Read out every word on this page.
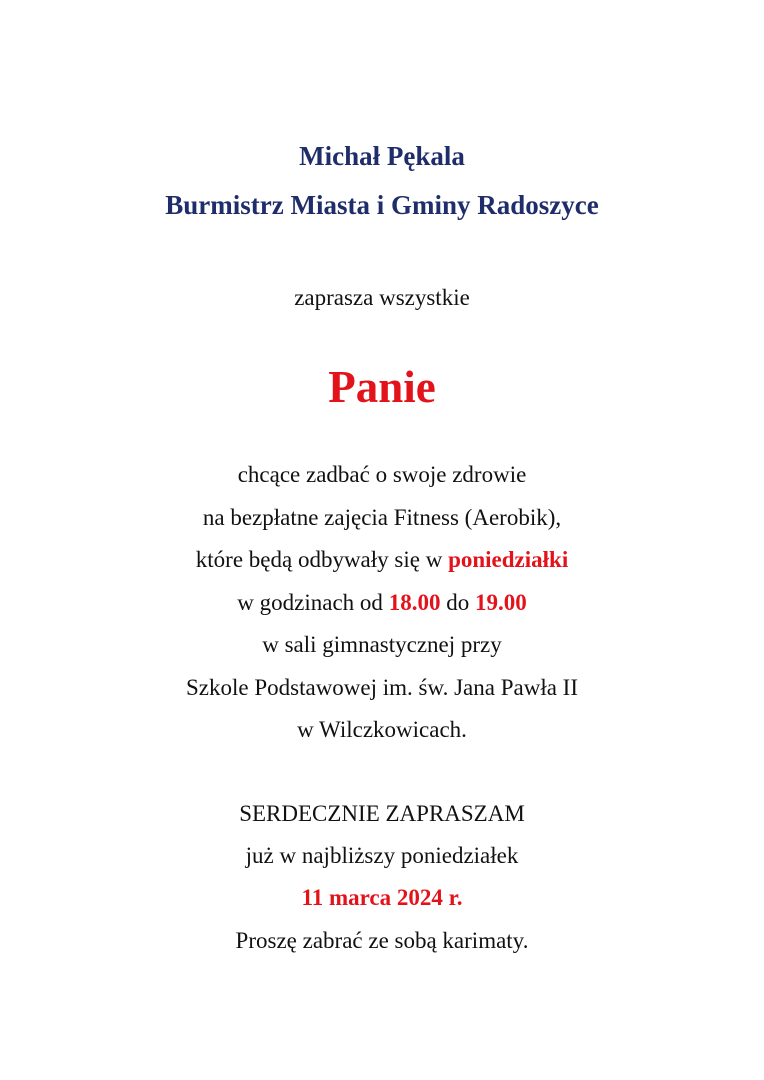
Michał Pękala
Burmistrz Miasta i Gminy Radoszyce
zaprasza wszystkie
Panie
chcące zadbać o swoje zdrowie
na bezpłatne zajęcia Fitness (Aerobik),
które będą odbywały się w poniedziałki
w godzinach od 18.00 do 19.00
w sali gimnastycznej przy
Szkole Podstawowej im. św. Jana Pawła II
w Wilczkowicach.
SERDECZNIE ZAPRASZAM
już w najbliższy poniedziałek
11 marca 2024 r.
Proszę zabrać ze sobą karimaty.
